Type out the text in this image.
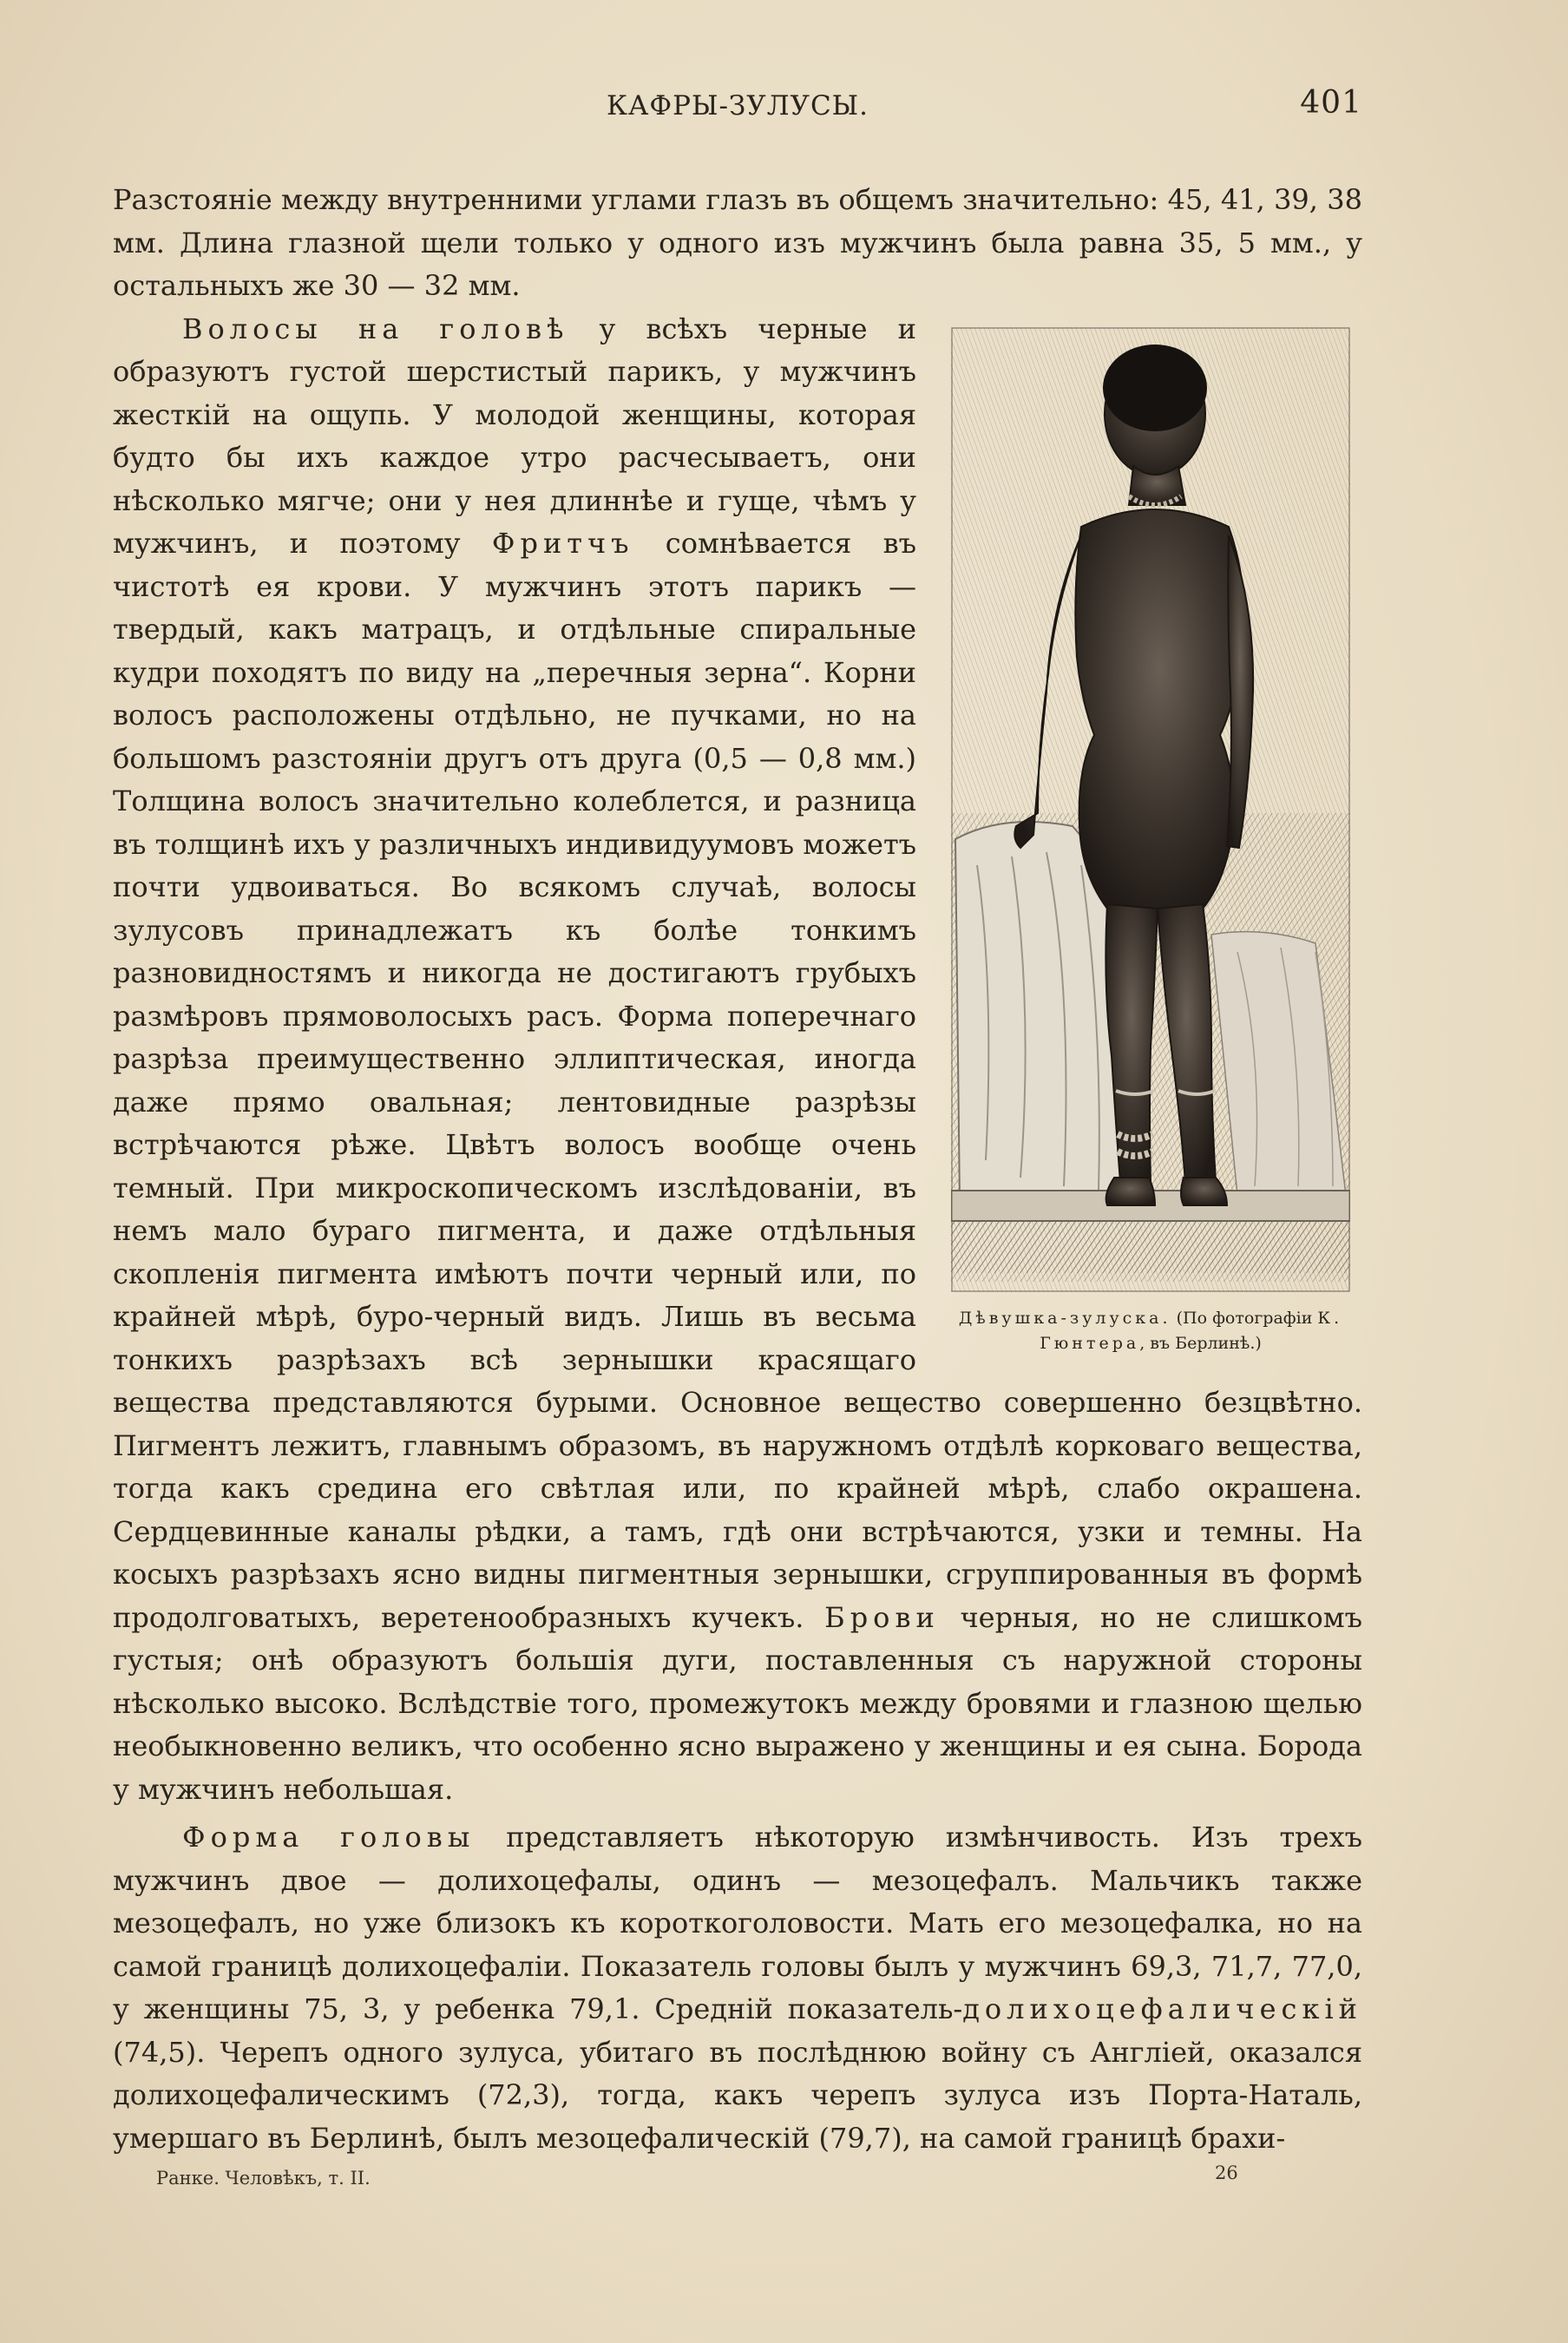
КАФРЫ-ЗУЛУСЫ.	401

Разстоянiе между внутренними углами глазъ въ общемъ значительно: 45, 41, 39, 38 мм. Длина глазной щели только у одного изъ мужчинъ была равна 35, 5 мм., у остальныхъ же 30 — 32 мм.

Дѣвушка-зулуска. (По фотографiи К. Гюнтера, въ Берлинѣ.)

Волосы на головѣ у всѣхъ черные и образуютъ густой шерстистый парикъ, у мужчинъ жесткiй на ощупь. У молодой женщины, которая будто бы ихъ каждое утро расчесываетъ, они нѣсколько мягче; они у нея длиннѣе и гуще, чѣмъ у мужчинъ, и поэтому Фритчъ сомнѣвается въ чистотѣ ея крови. У мужчинъ этотъ парикъ — твердый, какъ матрацъ, и отдѣльные спиральные кудри походятъ по виду на „перечныя зерна“. Корни волосъ расположены отдѣльно, не пучками, но на большомъ разстоянiи другъ отъ друга (0,5 — 0,8 мм.) Толщина волосъ значительно колеблется, и разница въ толщинѣ ихъ у различныхъ индивидуумовъ можетъ почти удвоиваться. Во всякомъ случаѣ, волосы зулусовъ принадлежатъ къ болѣе тонкимъ разновидностямъ и никогда не достигаютъ грубыхъ размѣровъ прямоволосыхъ расъ. Форма поперечнаго разрѣза преимущественно эллиптическая, иногда даже прямо овальная; лентовидные разрѣзы встрѣчаются рѣже. Цвѣтъ волосъ вообще очень темный. При микроскопическомъ изслѣдованiи, въ немъ мало бураго пигмента, и даже отдѣльныя скопленiя пигмента имѣютъ почти черный или, по крайней мѣрѣ, буро-черный видъ. Лишь въ весьма тонкихъ разрѣзахъ всѣ зернышки красящаго вещества представляются бурыми. Основное вещество совершенно безцвѣтно. Пигментъ лежитъ, главнымъ образомъ, въ наружномъ отдѣлѣ корковаго вещества, тогда какъ срединa его свѣтлая или, по крайней мѣрѣ, слабо окрашена. Сердцевинные каналы рѣдки, а тамъ, гдѣ они встрѣчаются, узки и темны. На косыхъ разрѣзахъ ясно видны пигментныя зернышки, сгруппированныя въ формѣ продолговатыхъ, веретенообразныхъ кучекъ. Брови черныя, но не слишкомъ густыя; онѣ образуютъ большiя дуги, поставленныя съ наружной стороны нѣсколько высоко. Вслѣдствiе того, промежутокъ между бровями и глазною щелью необыкновенно великъ, что особенно ясно выражено у женщины и ея сына. Борода у мужчинъ небольшая.

Форма головы представляетъ нѣкоторую измѣнчивость. Изъ трехъ мужчинъ двое — долихоцефалы, одинъ — мезоцефалъ. Мальчикъ также мезоцефалъ, но уже близокъ къ короткоголовости. Мать его мезоцефалка, но на самой границѣ долихоцефалiи. Показатель головы былъ у мужчинъ 69,3, 71,7, 77,0, у женщины 75, 3, у ребенка 79,1. Среднiй показатель-долихоцефалическiй (74,5). Черепъ одного зулуса, убитаго въ послѣднюю войну съ Англiей, оказался долихоцефалическимъ (72,3), тогда, какъ черепъ зулуса изъ Порта-Наталь, умершаго въ Берлинѣ, былъ мезоцефалическiй (79,7), на самой границѣ брахи-

Ранке. Человѣкъ, т. II.	26
